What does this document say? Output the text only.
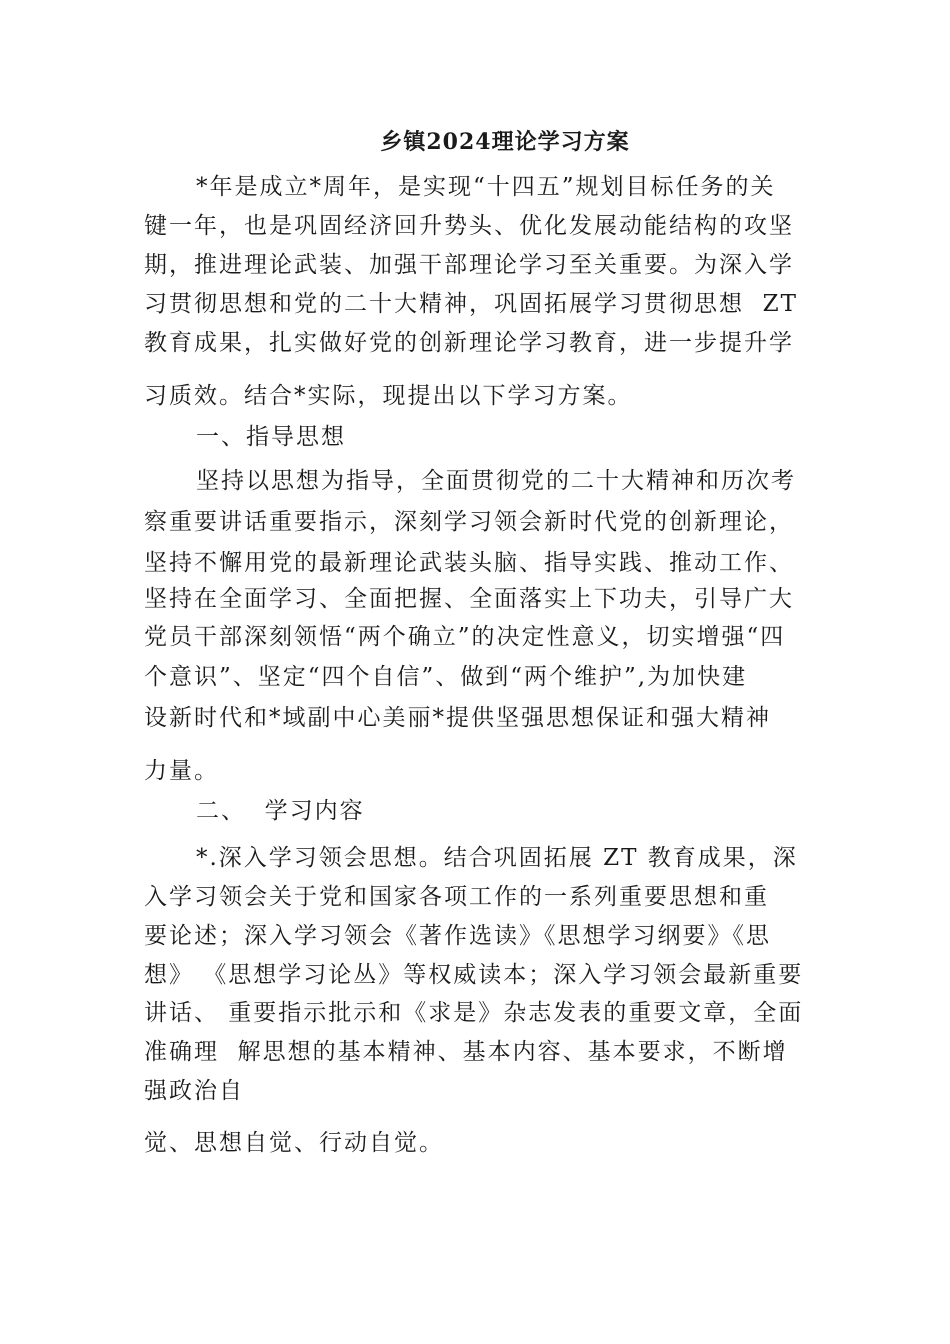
乡镇2024理论学习方案
*年是成立*周年，是实现“十四五”规划目标任务的关
键一年，也是巩固经济回升势头、优化发展动能结构的攻坚
期，推进理论武装、加强干部理论学习至关重要。为深入学
习贯彻思想和党的二十大精神，巩固拓展学习贯彻思想  ZT
教育成果，扎实做好党的创新理论学习教育，进一步提升学
习质效。结合*实际，现提出以下学习方案。
一、指导思想
坚持以思想为指导，全面贯彻党的二十大精神和历次考
察重要讲话重要指示，深刻学习领会新时代党的创新理论，
坚持不懈用党的最新理论武装头脑、指导实践、推动工作、
坚持在全面学习、全面把握、全面落实上下功夫，引导广大
党员干部深刻领悟“两个确立”的决定性意义，切实增强“四
个意识”、坚定“四个自信”、做到“两个维护”,为加快建
设新时代和*域副中心美丽*提供坚强思想保证和强大精神
力量。
二、  学习内容
*.深入学习领会思想。结合巩固拓展 ZT 教育成果，深
入学习领会关于党和国家各项工作的一系列重要思想和重
要论述；深入学习领会《著作选读》《思想学习纲要》《思
想》 《思想学习论丛》等权威读本；深入学习领会最新重要
讲话、 重要指示批示和《求是》杂志发表的重要文章，全面
准确理  解思想的基本精神、基本内容、基本要求，不断增
强政治自
觉、思想自觉、行动自觉。
